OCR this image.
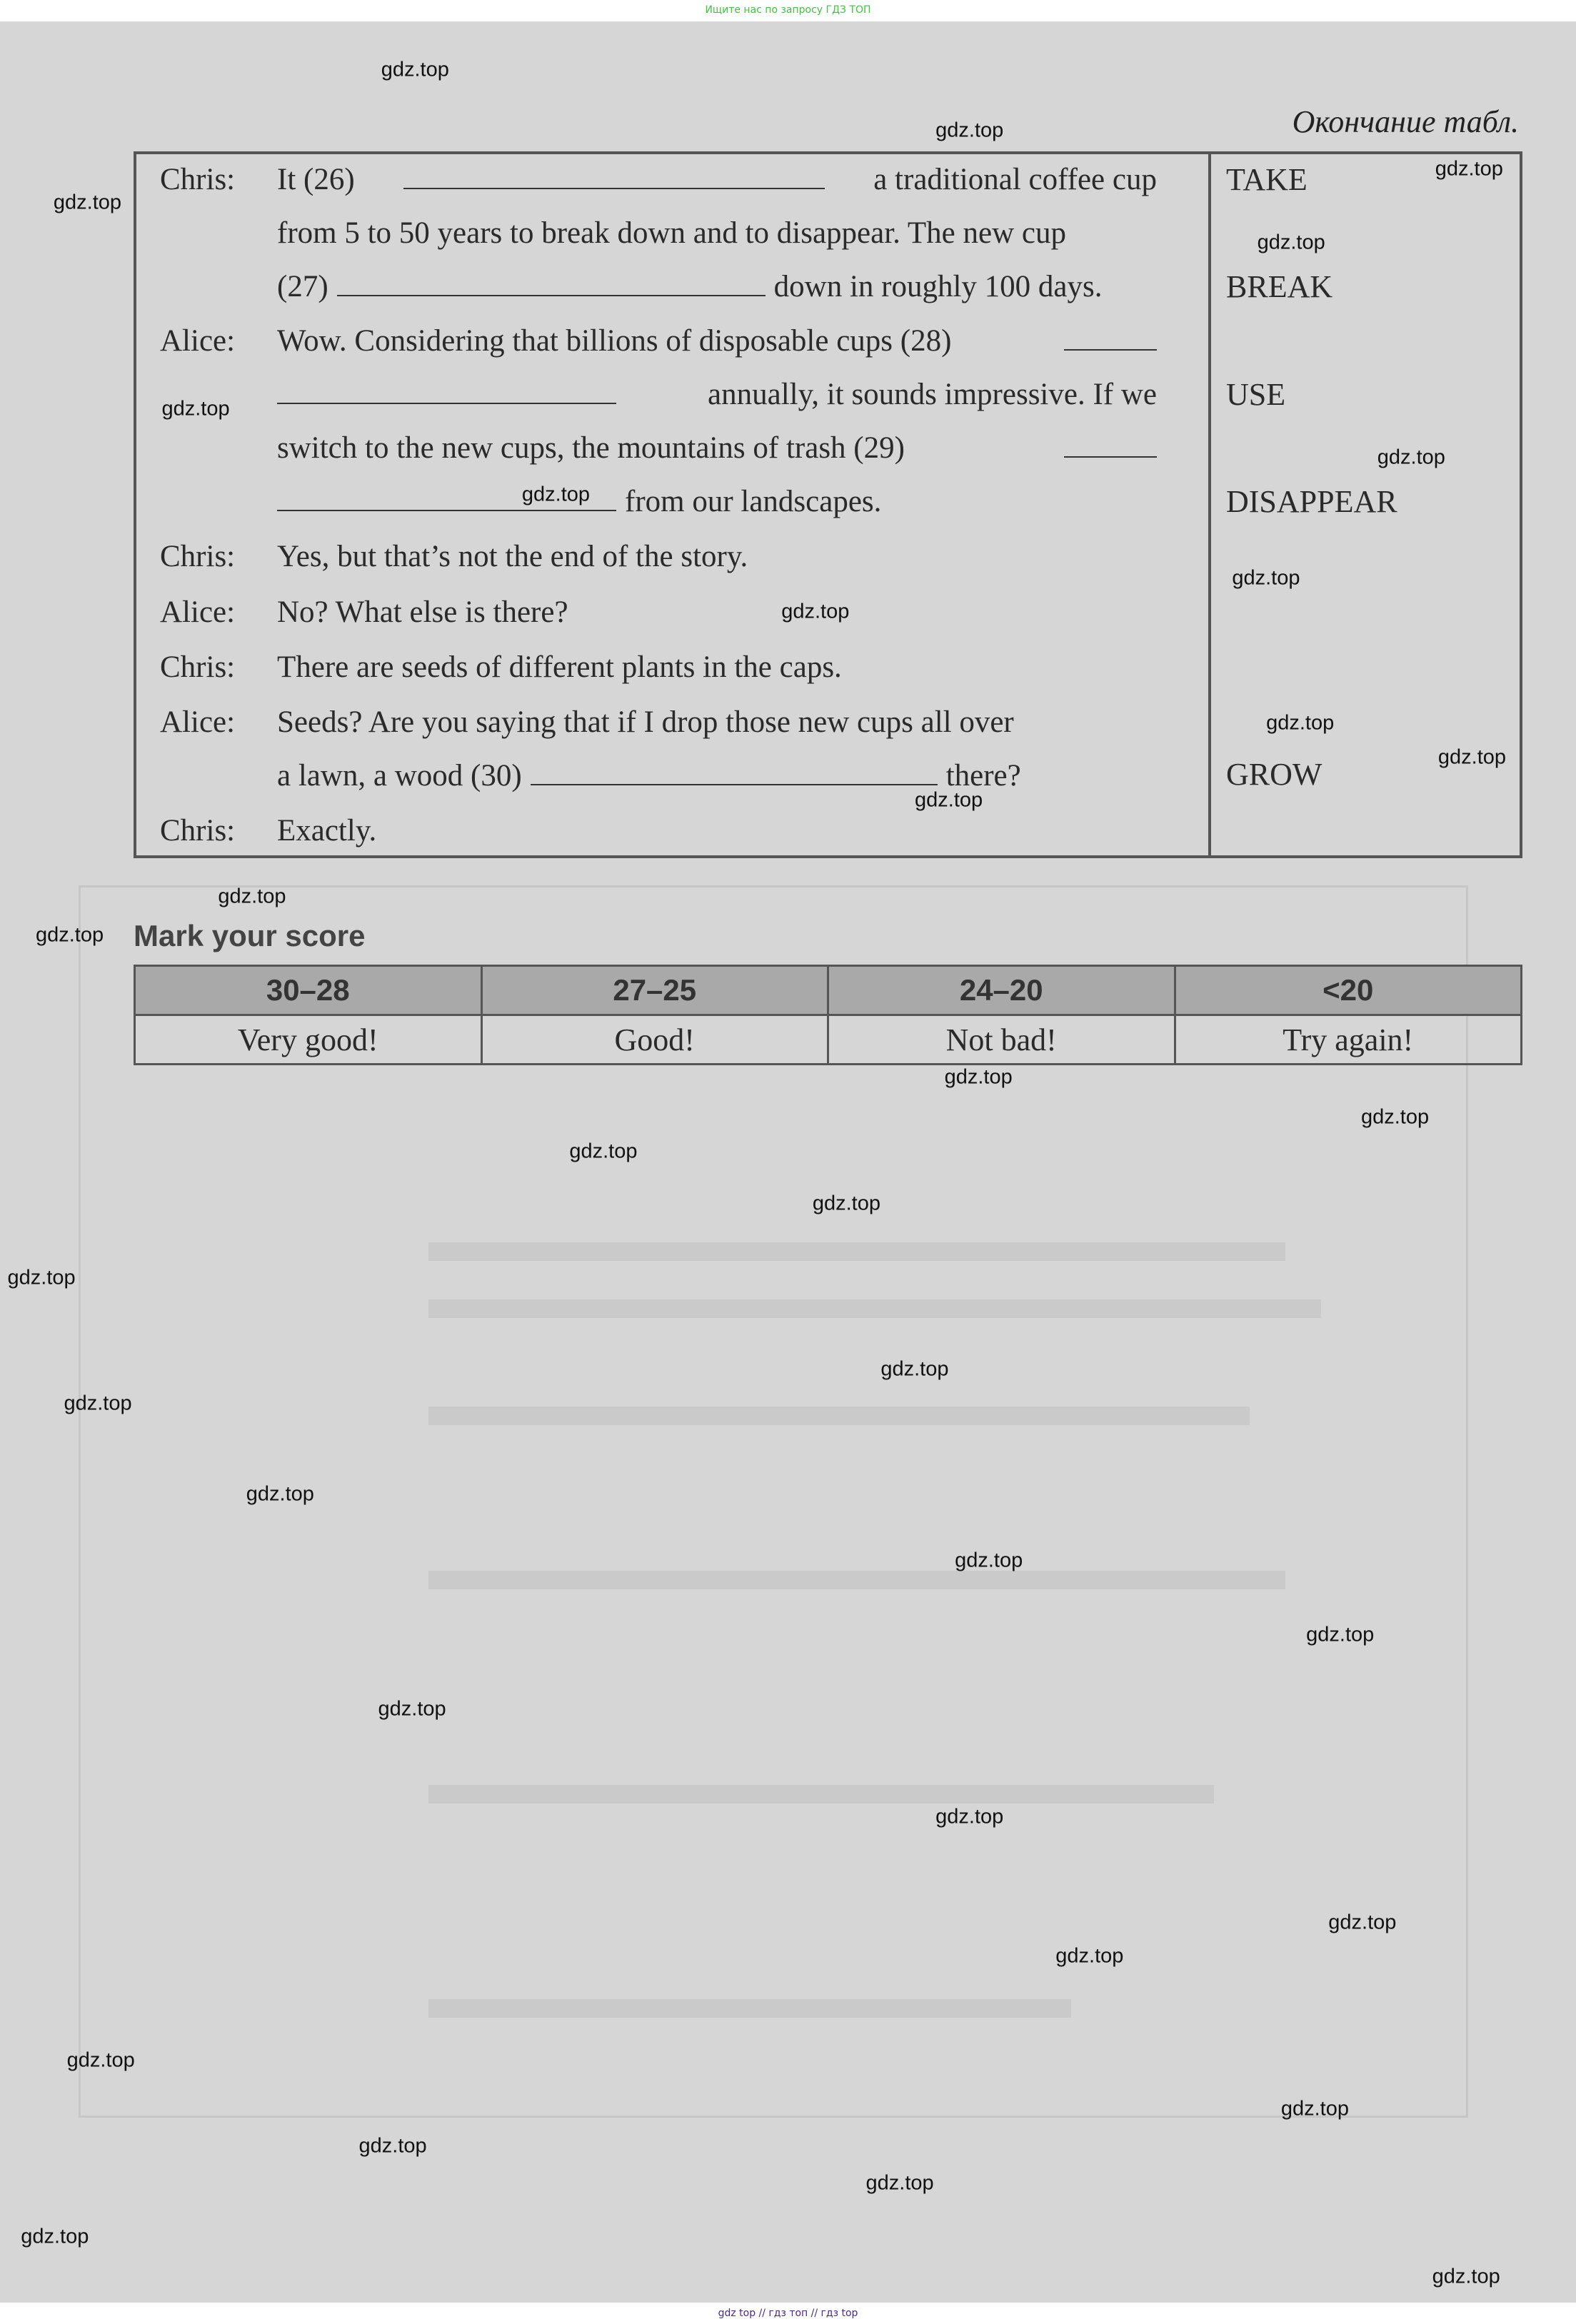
Ищите нас по запросу ГДЗ ТОП
Окончание табл.
Chris: It (26)	a traditional coffee cup
from 5 to 50 years to break down and to disappear. The new cup
(27)	down in roughly 100 days.
Alice: Wow. Considering that billions of disposable cups (28)
annually, it sounds impressive. If we
switch to the new cups, the mountains of trash (29)
from our landscapes.
Chris: Yes, but that’s not the end of the story.
Alice: No? What else is there?
Chris: There are seeds of different plants in the caps.
Alice: Seeds? Are you saying that if I drop those new cups all over
a lawn, a wood (30)	there?
Chris: Exactly.
TAKE
BREAK
USE
DISAPPEAR
GROW
Mark your score
30–28	27–25	24–20	<20
Very good!	Good!	Not bad!	Try again!
gdz.top
gdz.top
gdz.top
gdz.top
gdz.top
gdz.top
gdz.top
gdz.top
gdz.top
gdz.top
gdz.top
gdz.top
gdz.top
gdz.top
gdz.top
gdz.top
gdz.top
gdz.top
gdz.top
gdz.top
gdz.top
gdz.top
gdz.top
gdz.top
gdz.top
gdz.top
gdz.top
gdz.top
gdz.top
gdz.top
gdz.top
gdz.top
gdz.top
gdz.top
gdz.top
gdz top // гдз топ // гдз top
